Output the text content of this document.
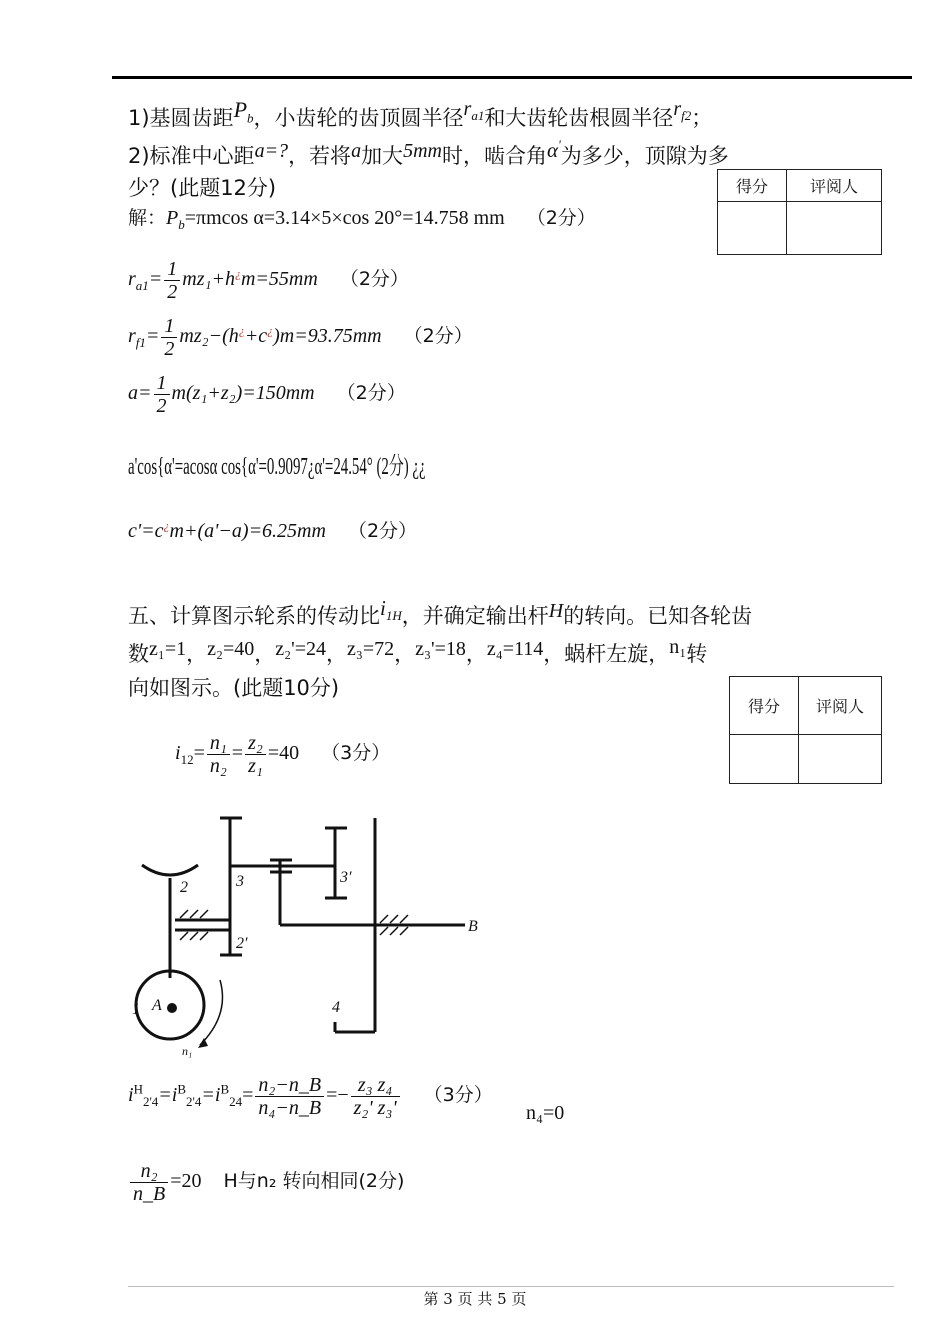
1)基圆齿距$P_b$，小齿轮的齿顶圆半径$r_{a1}$和大齿轮齿根圆半径$r_{f2}$；
2)标准中心距a=?，若将a加大5mm时，啮合角α'为多少，顶隙为多
少？(此题12分)	得分	评阅人

解：$P_b=\pi mcos$ α=3.14×5×cos 20°=14.758 mm （2分）
$r_{a1}= \frac{1}{2} mz_1+h^¿m=55mm$ （2分）
$r_{f1}= \frac{1}{2} mz_2-(h^¿+c^¿)m=93.75mm$ （2分）
$a= \frac{1}{2} m(z_1+z_2)=150mm$ （2分）
a'cos{α'=acosα cos{α'=0.9097¿α'=24.54° (2分) ¿¿
c'=c¿m+(a'−a)=6.25mm （2分）
五、计算图示轮系的传动比$i_{1H}$，并确定输出杆H的转向。已知各轮齿
数z₁=1，z₂=40，z₂'=24，z₃=72，z₃'=18，z₄=114，蜗杆左旋，n₁转
向如图示。(此题10分)
得分	评阅人

$i_{12}= \frac{\text{n₁}}{\text{n₂}} = \frac{\text{z₂}}{\text{z₁}} =40$ （3分）
2	3	3′
2′
1 A	4
B
n₁
$i^H_{2'4}=i^B_{2'4}=i^B_{24}= \frac{\text{n₂−n\_B}}{\text{n₄−n\_B}} =- \frac{\text{z₃ z₄}}{\text{z₂' z₃'}} (3$分）
n₄=0
$\frac{\text{n₂}}{n\_B} =20$ H与n₂ 转向相同(2分)
第 3 页 共 5 页
